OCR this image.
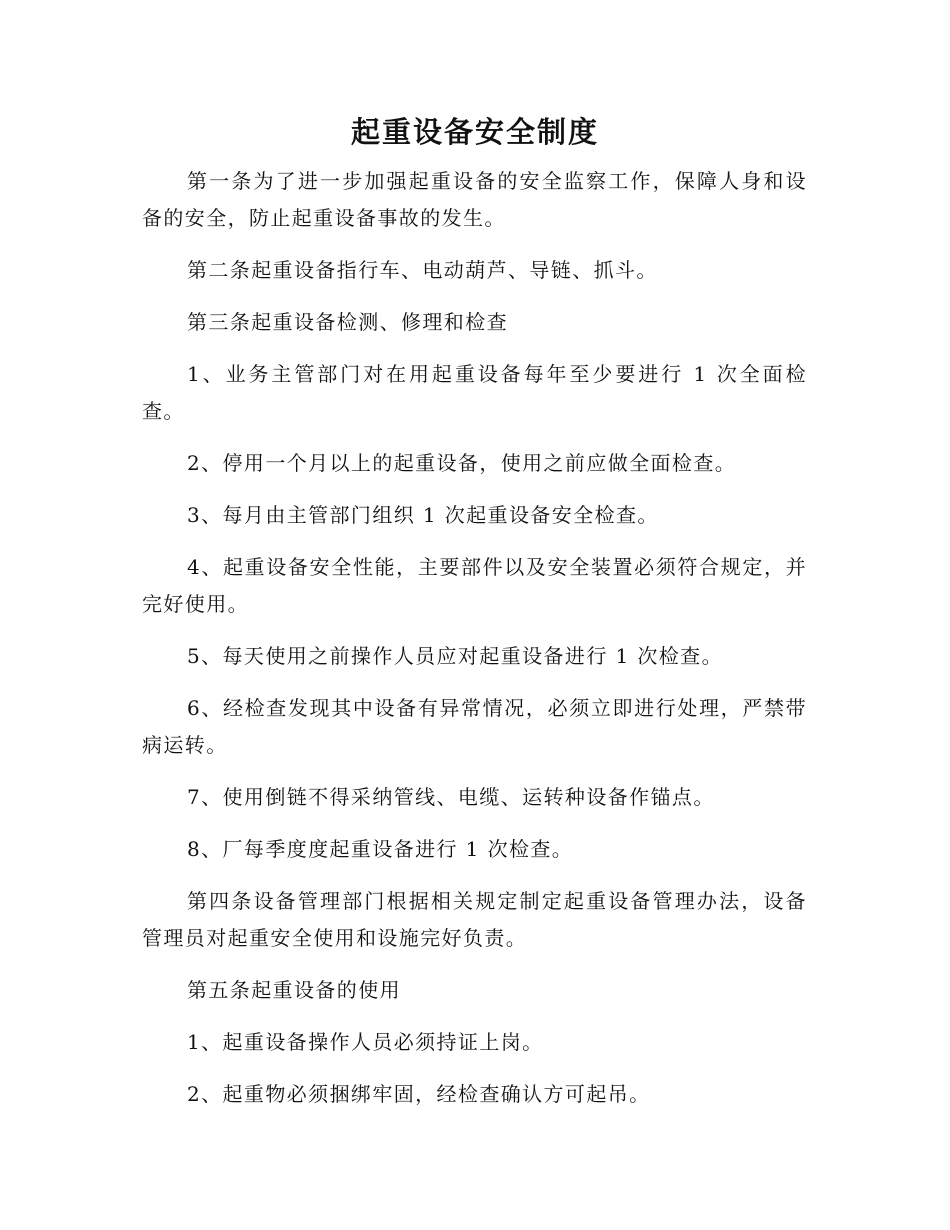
起重设备安全制度

第一条为了进一步加强起重设备的安全监察工作，保障人身和设备的安全，防止起重设备事故的发生。

第二条起重设备指行车、电动葫芦、导链、抓斗。

第三条起重设备检测、修理和检查

1、业务主管部门对在用起重设备每年至少要进行 1 次全面检查。

2、停用一个月以上的起重设备，使用之前应做全面检查。

3、每月由主管部门组织 1 次起重设备安全检查。

4、起重设备安全性能，主要部件以及安全装置必须符合规定，并完好使用。

5、每天使用之前操作人员应对起重设备进行 1 次检查。

6、经检查发现其中设备有异常情况，必须立即进行处理，严禁带病运转。

7、使用倒链不得采纳管线、电缆、运转种设备作锚点。

8、厂每季度度起重设备进行 1 次检查。

第四条设备管理部门根据相关规定制定起重设备管理办法，设备管理员对起重安全使用和设施完好负责。

第五条起重设备的使用

1、起重设备操作人员必须持证上岗。

2、起重物必须捆绑牢固，经检查确认方可起吊。
